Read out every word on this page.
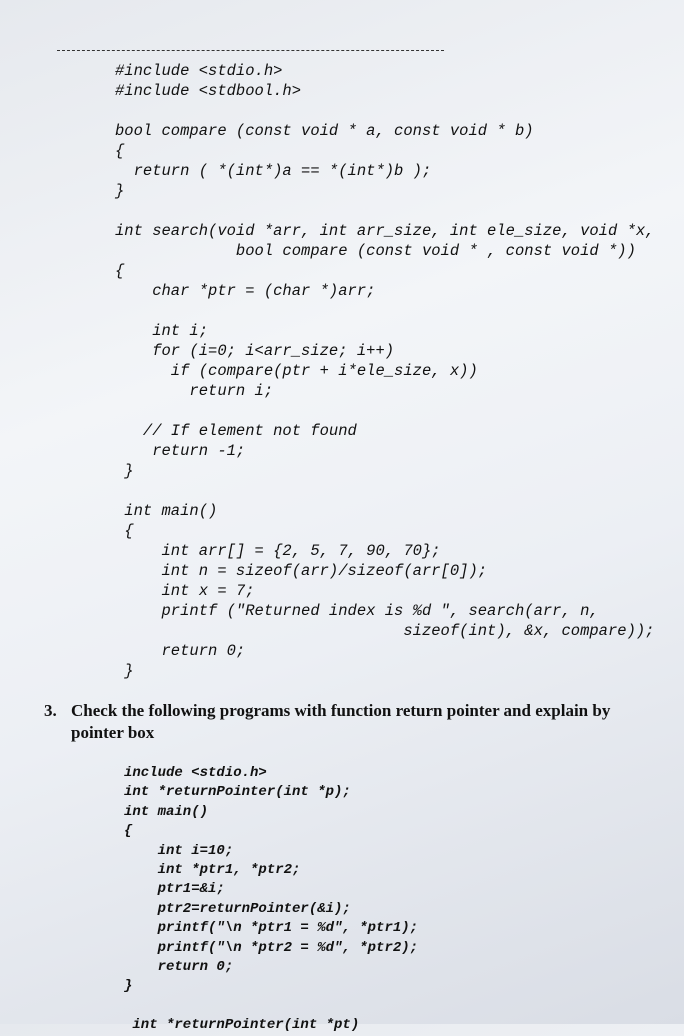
#include <stdio.h>
#include <stdbool.h>

bool compare (const void * a, const void * b)
{
return ( *(int*)a == *(int*)b );
}

int search(void *arr, int arr_size, int ele_size, void *x,
bool compare (const void * , const void *))
{
char *ptr = (char *)arr;

int i;
for (i=0; i<arr_size; i++)
if (compare(ptr + i*ele_size, x))
return i;

// If element not found
return -1;
}

int main()
{
int arr[] = {2, 5, 7, 90, 70};
int n = sizeof(arr)/sizeof(arr[0]);
int x = 7;
printf ("Returned index is %d ", search(arr, n,
sizeof(int), &x, compare));
return 0;
}
3. Check the following programs with function return pointer and explain by pointer box
include <stdio.h>
int *returnPointer(int *p);
int main()
{
int i=10;
int *ptr1, *ptr2;
ptr1=&i;
ptr2=returnPointer(&i);
printf("\n *ptr1 = %d", *ptr1);
printf("\n *ptr2 = %d", *ptr2);
return 0;
}

int *returnPointer(int *pt)
